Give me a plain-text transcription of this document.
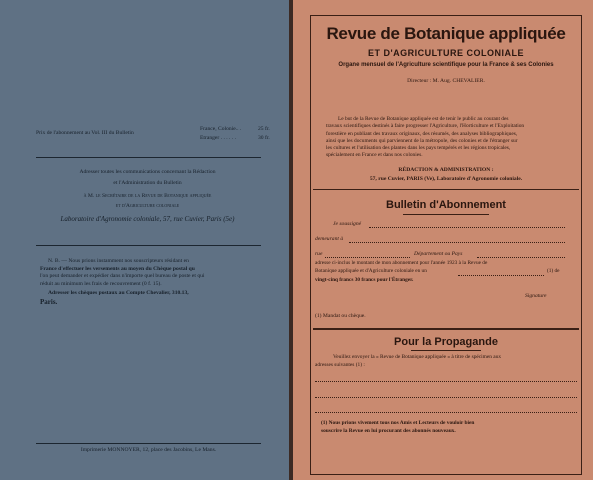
Prix de l'abonnement au Vol. III du Bulletin
France, Colonie.. .	25 fr.
Etranger . . . . . .	30 fr.
Adresser toutes les communications concernant la Rédaction
et l'Administration du Bulletin
à M. le Secrétaire de la Revue de Botanique appliquée
et d'Agriculture coloniale
Laboratoire d'Agronomie coloniale, 57, rue Cuvier, Paris (5e)
N. B. — Nous prions instamment nos souscripteurs résidant en
France d'effectuer les versements au moyen du Chèque postal qu
l'on peut demander et expédier dans n'importe quel bureau de poste et qui
réduit au minimum les frais de recouvrement (0 f. 15).
Adresser les chèques postaux au Compte Chevalier, 310.13,
Paris.
Imprimerie MONNOYER, 12, place des Jacobins, Le Mans.
Revue de Botanique appliquée
ET D'AGRICULTURE COLONIALE
Organe mensuel de l'Agriculture scientifique pour la France & ses Colonies
Directeur : M. Aug. CHEVALIER.
Le but de la Revue de Botanique appliquée est de tenir le public au courant des
travaux scientifiques destinés à faire progresser l'Agriculture, l'Horticulture et l'Exploitation
forestière en publiant des travaux originaux, des résumés, des analyses bibliographiques,
ainsi que les documents qui parviennent de la métropole, des colonies et de l'étranger sur
les cultures et l'utilisation des plantes dans les pays tempérés et les régions tropicales,
spécialement en France et dans nos colonies.
RÉDACTION & ADMINISTRATION :
57, rue Cuvier, PARIS (Ve), Laboratoire d'Agronomie coloniale.
Bulletin d'Abonnement
Je soussigné
demeurant à
rue	Département ou Pays
adresse ci-inclus le montant de mon abonnement pour l'année 1923 à la Revue de
Botanique appliquée et d'Agriculture coloniale en un	(1) de
vingt-cinq francs 30 francs pour l'Étranger.
Signature
(1) Mandat ou chèque.
Pour la Propagande
Veuillez envoyer la « Revue de Botanique appliquée » à titre de spécimen aux
adresses suivantes (1) :
(1) Nous prions vivement tous nos Amis et Lecteurs de vouloir bien
souscrire la Revue en lui procurant des abonnés nouveaux.
